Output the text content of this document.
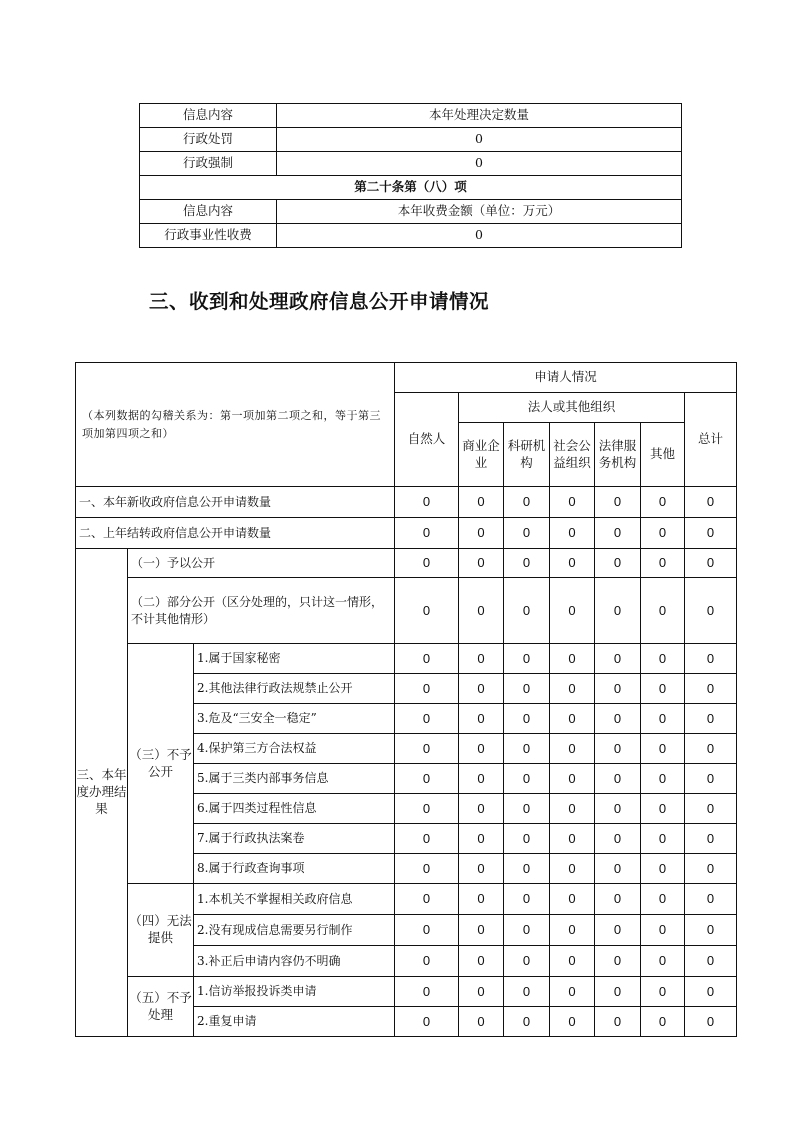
信息内容	本年处理决定数量
行政处罚	0
行政强制	0
第二十条第（八）项	
信息内容	本年收费金额（单位：万元）
行政事业性收费	0
三、收到和处理政府信息公开申请情况
（本列数据的勾稽关系为：第一项加第二项之和，等于第三项加第四项之和）			申请人情况						
			自然人	法人或其他组织					总计
				商业企业	科研机构	社会公益组织	法律服务机构	其他	
一、本年新收政府信息公开申请数量			0	0	0	0	0	0	0
二、上年结转政府信息公开申请数量			0	0	0	0	0	0	0
三、本年度办理结果	（一）予以公开		0	0	0	0	0	0	0
	（二）部分公开（区分处理的，只计这一情形，不计其他情形）		0	0	0	0	0	0	0
	（三）不予公开	1.属于国家秘密	0	0	0	0	0	0	0
		2.其他法律行政法规禁止公开	0	0	0	0	0	0	0
		3.危及“三安全一稳定”	0	0	0	0	0	0	0
		4.保护第三方合法权益	0	0	0	0	0	0	0
		5.属于三类内部事务信息	0	0	0	0	0	0	0
		6.属于四类过程性信息	0	0	0	0	0	0	0
		7.属于行政执法案卷	0	0	0	0	0	0	0
		8.属于行政查询事项	0	0	0	0	0	0	0
	（四）无法提供	1.本机关不掌握相关政府信息	0	0	0	0	0	0	0
		2.没有现成信息需要另行制作	0	0	0	0	0	0	0
		3.补正后申请内容仍不明确	0	0	0	0	0	0	0
	（五）不予处理	1.信访举报投诉类申请	0	0	0	0	0	0	0
		2.重复申请	0	0	0	0	0	0	0
